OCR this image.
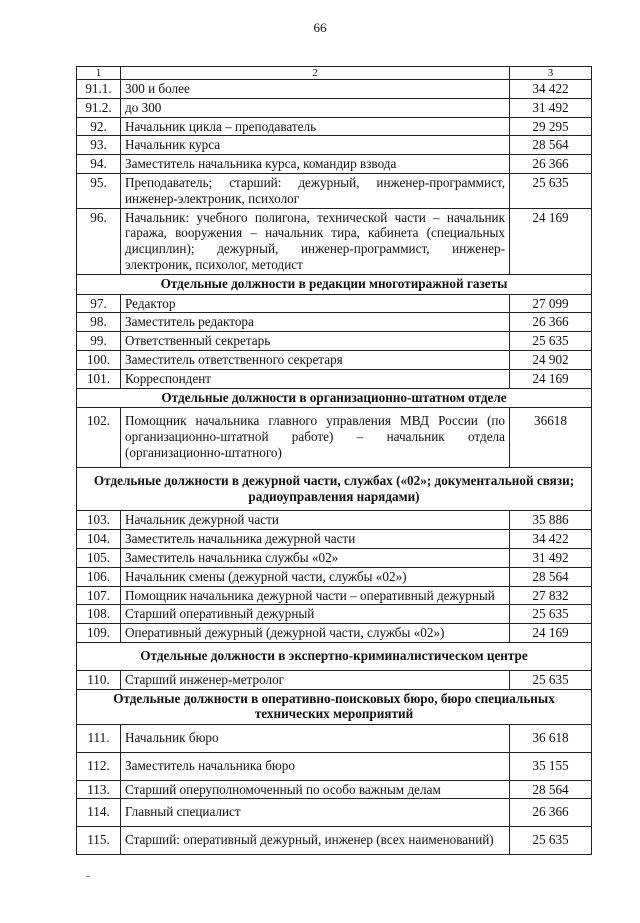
66
1	2	3
91.1.	300 и более	34 422
91.2.	до 300	31 492
92.	Начальник цикла – преподаватель	29 295
93.	Начальник курса	28 564
94.	Заместитель начальника курса, командир взвода	26 366
95.	Преподаватель; старший: дежурный, инженер-программист, инженер-электроник, психолог	25 635
96.	Начальник: учебного полигона, технической части – начальник гаража, вооружения – начальник тира, кабинета (специальных дисциплин); дежурный, инженер-программист, инженер-электроник, психолог, методист	24 169
Отдельные должности в редакции многотиражной газеты		
97.	Редактор	27 099
98.	Заместитель редактора	26 366
99.	Ответственный секретарь	25 635
100.	Заместитель ответственного секретаря	24 902
101.	Корреспондент	24 169
Отдельные должности в организационно-штатном отделе		
102.	Помощник начальника главного управления МВД России (по организационно-штатной работе) – начальник отдела (организационно-штатного)	36618
Отдельные должности в дежурной части, службах («02»; документальной связи; радиоуправления нарядами)		
103.	Начальник дежурной части	35 886
104.	Заместитель начальника дежурной части	34 422
105.	Заместитель начальника службы «02»	31 492
106.	Начальник смены (дежурной части, службы «02»)	28 564
107.	Помощник начальника дежурной части – оперативный дежурный	27 832
108.	Старший оперативный дежурный	25 635
109.	Оперативный дежурный (дежурной части, службы «02»)	24 169
Отдельные должности в экспертно-криминалистическом центре		
110.	Старший инженер-метролог	25 635
Отдельные должности в оперативно-поисковых бюро, бюро специальных технических мероприятий		
111.	Начальник бюро	36 618
112.	Заместитель начальника бюро	35 155
113.	Старший оперуполномоченный по особо важным делам	28 564
114.	Главный специалист	26 366
115.	Старший: оперативный дежурный, инженер (всех наименований)	25 635
